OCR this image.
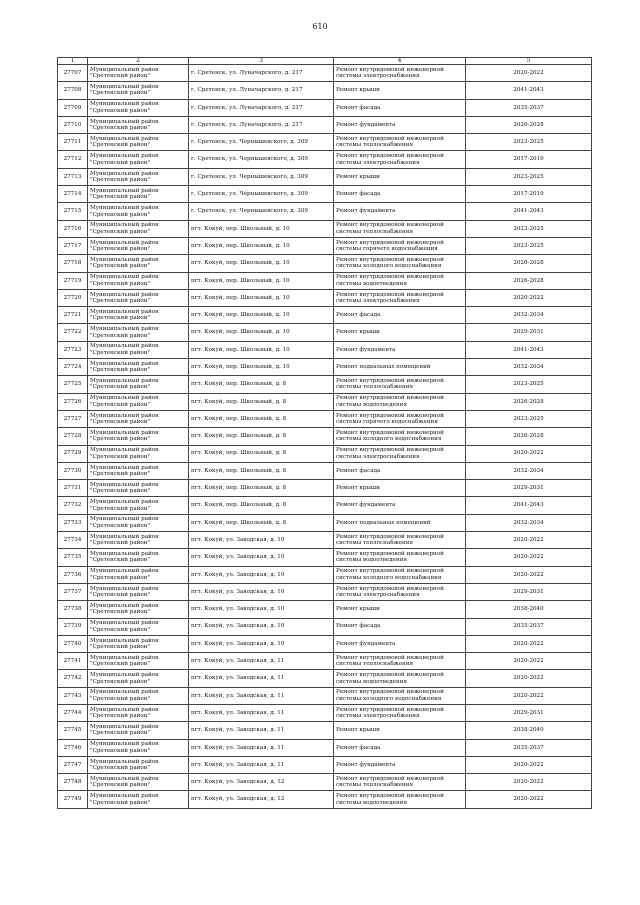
610
1	2	3	4	5
27707	Муниципальный район "Сретенский район"	г. Сретенск, ул. Луначарского, д. 217	Ремонт внутридомовой инженерной системы электроснабжения	2020-2022
27708	Муниципальный район "Сретенский район"	г. Сретенск, ул. Луначарского, д. 217	Ремонт крыши	2041-2043
27709	Муниципальный район "Сретенский район"	г. Сретенск, ул. Луначарского, д. 217	Ремонт фасада	2035-2037
27710	Муниципальный район "Сретенский район"	г. Сретенск, ул. Луначарского, д. 217	Ремонт фундамента	2026-2028
27711	Муниципальный район "Сретенский район"	г. Сретенск, ул. Чернышевского, д. 309	Ремонт внутридомовой инженерной системы теплоснабжения	2023-2025
27712	Муниципальный район "Сретенский район"	г. Сретенск, ул. Чернышевского, д. 309	Ремонт внутридомовой инженерной системы электроснабжения	2017-2019
27713	Муниципальный район "Сретенский район"	г. Сретенск, ул. Чернышевского, д. 309	Ремонт крыши	2023-2025
27714	Муниципальный район "Сретенский район"	г. Сретенск, ул. Чернышевского, д. 309	Ремонт фасада	2017-2019
27715	Муниципальный район "Сретенский район"	г. Сретенск, ул. Чернышевского, д. 309	Ремонт фундамента	2041-2043
27716	Муниципальный район "Сретенский район"	пгт. Кокуй, пер. Школьный, д. 10	Ремонт внутридомовой инженерной системы теплоснабжения	2023-2025
27717	Муниципальный район "Сретенский район"	пгт. Кокуй, пер. Школьный, д. 10	Ремонт внутридомовой инженерной системы горячего водоснабжения	2023-2025
27718	Муниципальный район "Сретенский район"	пгт. Кокуй, пер. Школьный, д. 10	Ремонт внутридомовой инженерной системы холодного водоснабжения	2026-2028
27719	Муниципальный район "Сретенский район"	пгт. Кокуй, пер. Школьный, д. 10	Ремонт внутридомовой инженерной системы водоотведения	2026-2028
27720	Муниципальный район "Сретенский район"	пгт. Кокуй, пер. Школьный, д. 10	Ремонт внутридомовой инженерной системы электроснабжения	2020-2022
27721	Муниципальный район "Сретенский район"	пгт. Кокуй, пер. Школьный, д. 10	Ремонт фасада	2032-2034
27722	Муниципальный район "Сретенский район"	пгт. Кокуй, пер. Школьный, д. 10	Ремонт крыши	2029-2031
27723	Муниципальный район "Сретенский район"	пгт. Кокуй, пер. Школьный, д. 10	Ремонт фундамента	2041-2043
27724	Муниципальный район "Сретенский район"	пгт. Кокуй, пер. Школьный, д. 10	Ремонт подвальных помещений	2032-2034
27725	Муниципальный район "Сретенский район"	пгт. Кокуй, пер. Школьный, д. 8	Ремонт внутридомовой инженерной системы теплоснабжения	2023-2025
27726	Муниципальный район "Сретенский район"	пгт. Кокуй, пер. Школьный, д. 8	Ремонт внутридомовой инженерной системы водоотведения	2026-2028
27727	Муниципальный район "Сретенский район"	пгт. Кокуй, пер. Школьный, д. 8	Ремонт внутридомовой инженерной системы горячего водоснабжения	2023-2025
27728	Муниципальный район "Сретенский район"	пгт. Кокуй, пер. Школьный, д. 8	Ремонт внутридомовой инженерной системы холодного водоснабжения	2026-2028
27729	Муниципальный район "Сретенский район"	пгт. Кокуй, пер. Школьный, д. 8	Ремонт внутридомовой инженерной системы электроснабжения	2020-2022
27730	Муниципальный район "Сретенский район"	пгт. Кокуй, пер. Школьный, д. 8	Ремонт фасада	2032-2034
27731	Муниципальный район "Сретенский район"	пгт. Кокуй, пер. Школьный, д. 8	Ремонт крыши	2029-2031
27732	Муниципальный район "Сретенский район"	пгт. Кокуй, пер. Школьный, д. 8	Ремонт фундамента	2041-2043
27733	Муниципальный район "Сретенский район"	пгт. Кокуй, пер. Школьный, д. 8	Ремонт подвальных помещений	2032-2034
27734	Муниципальный район "Сретенский район"	пгт. Кокуй, ул. Заводская, д. 10	Ремонт внутридомовой инженерной системы теплоснабжения	2020-2022
27735	Муниципальный район "Сретенский район"	пгт. Кокуй, ул. Заводская, д. 10	Ремонт внутридомовой инженерной системы водоотведения	2020-2022
27736	Муниципальный район "Сретенский район"	пгт. Кокуй, ул. Заводская, д. 10	Ремонт внутридомовой инженерной системы холодного водоснабжения	2020-2022
27737	Муниципальный район "Сретенский район"	пгт. Кокуй, ул. Заводская, д. 10	Ремонт внутридомовой инженерной системы электроснабжения	2029-2031
27738	Муниципальный район "Сретенский район"	пгт. Кокуй, ул. Заводская, д. 10	Ремонт крыши	2038-2040
27739	Муниципальный район "Сретенский район"	пгт. Кокуй, ул. Заводская, д. 10	Ремонт фасада	2035-2037
27740	Муниципальный район "Сретенский район"	пгт. Кокуй, ул. Заводская, д. 10	Ремонт фундамента	2020-2022
27741	Муниципальный район "Сретенский район"	пгт. Кокуй, ул. Заводская, д. 11	Ремонт внутридомовой инженерной системы теплоснабжения	2020-2022
27742	Муниципальный район "Сретенский район"	пгт. Кокуй, ул. Заводская, д. 11	Ремонт внутридомовой инженерной системы водоотведения	2020-2022
27743	Муниципальный район "Сретенский район"	пгт. Кокуй, ул. Заводская, д. 11	Ремонт внутридомовой инженерной системы холодного водоснабжения	2020-2022
27744	Муниципальный район "Сретенский район"	пгт. Кокуй, ул. Заводская, д. 11	Ремонт внутридомовой инженерной системы электроснабжения	2029-2031
27745	Муниципальный район "Сретенский район"	пгт. Кокуй, ул. Заводская, д. 11	Ремонт крыши	2038-2040
27746	Муниципальный район "Сретенский район"	пгт. Кокуй, ул. Заводская, д. 11	Ремонт фасада	2035-2037
27747	Муниципальный район "Сретенский район"	пгт. Кокуй, ул. Заводская, д. 11	Ремонт фундамента	2020-2022
27748	Муниципальный район "Сретенский район"	пгт. Кокуй, ул. Заводская, д. 12	Ремонт внутридомовой инженерной системы теплоснабжения	2020-2022
27749	Муниципальный район "Сретенский район"	пгт. Кокуй, ул. Заводская, д. 12	Ремонт внутридомовой инженерной системы водоотведения	2020-2022
